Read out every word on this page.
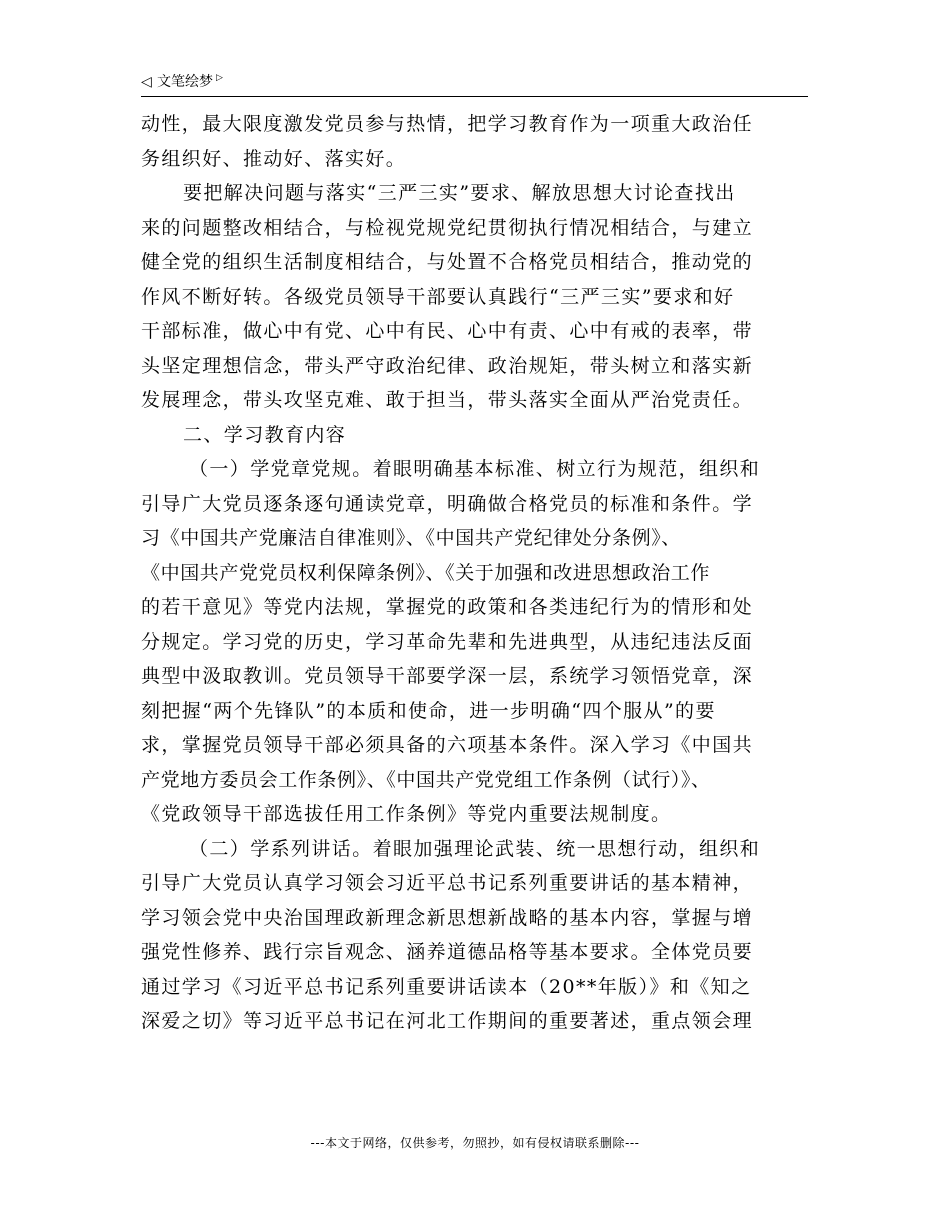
◁ 文笔绘梦 ▷
动性，最大限度激发党员参与热情，把学习教育作为一项重大政治任
务组织好、推动好、落实好。
要把解决问题与落实“三严三实”要求、解放思想大讨论查找出
来的问题整改相结合，与检视党规党纪贯彻执行情况相结合，与建立
健全党的组织生活制度相结合，与处置不合格党员相结合，推动党的
作风不断好转。各级党员领导干部要认真践行“三严三实”要求和好
干部标准，做心中有党、心中有民、心中有责、心中有戒的表率，带
头坚定理想信念，带头严守政治纪律、政治规矩，带头树立和落实新
发展理念，带头攻坚克难、敢于担当，带头落实全面从严治党责任。
二、学习教育内容
（一）学党章党规。着眼明确基本标准、树立行为规范，组织和
引导广大党员逐条逐句通读党章，明确做合格党员的标准和条件。学
习《中国共产党廉洁自律准则》、《中国共产党纪律处分条例》、
《中国共产党党员权利保障条例》、《关于加强和改进思想政治工作
的若干意见》等党内法规，掌握党的政策和各类违纪行为的情形和处
分规定。学习党的历史，学习革命先辈和先进典型，从违纪违法反面
典型中汲取教训。党员领导干部要学深一层，系统学习领悟党章，深
刻把握“两个先锋队”的本质和使命，进一步明确“四个服从”的要
求，掌握党员领导干部必须具备的六项基本条件。深入学习《中国共
产党地方委员会工作条例》、《中国共产党党组工作条例（试行）》、
《党政领导干部选拔任用工作条例》等党内重要法规制度。
（二）学系列讲话。着眼加强理论武装、统一思想行动，组织和
引导广大党员认真学习领会习近平总书记系列重要讲话的基本精神，
学习领会党中央治国理政新理念新思想新战略的基本内容，掌握与增
强党性修养、践行宗旨观念、涵养道德品格等基本要求。全体党员要
通过学习《习近平总书记系列重要讲话读本（20**年版）》和《知之
深爱之切》等习近平总书记在河北工作期间的重要著述，重点领会理
---本文于网络，仅供参考，勿照抄，如有侵权请联系删除---
